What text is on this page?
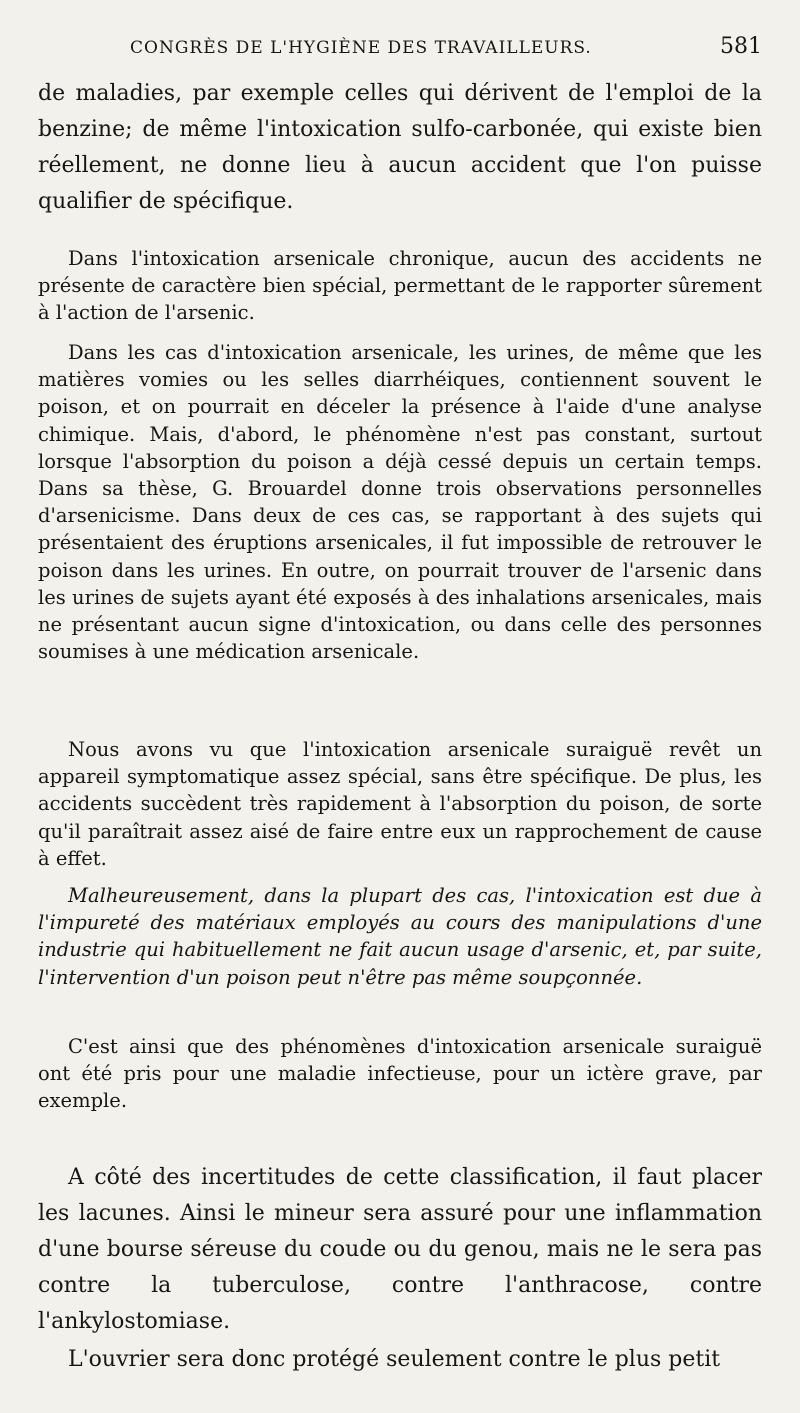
CONGRÈS DE L'HYGIÈNE DES TRAVAILLEURS.	581

de maladies, par exemple celles qui dérivent de l'emploi de la benzine; de même l'intoxication sulfo-carbonée, qui existe bien réellement, ne donne lieu à aucun accident que l'on puisse qualifier de spécifique.

Dans l'intoxication arsenicale chronique, aucun des accidents ne présente de caractère bien spécial, permettant de le rapporter sûrement à l'action de l'arsenic.

Dans les cas d'intoxication arsenicale, les urines, de même que les matières vomies ou les selles diarrhéiques, contiennent souvent le poison, et on pourrait en déceler la présence à l'aide d'une analyse chimique. Mais, d'abord, le phénomène n'est pas constant, surtout lorsque l'absorption du poison a déjà cessé depuis un certain temps. Dans sa thèse, G. Brouardel donne trois observations personnelles d'arsenicisme. Dans deux de ces cas, se rapportant à des sujets qui présentaient des éruptions arsenicales, il fut impossible de retrouver le poison dans les urines. En outre, on pourrait trouver de l'arsenic dans les urines de sujets ayant été exposés à des inhalations arsenicales, mais ne présentant aucun signe d'intoxication, ou dans celle des personnes soumises à une médication arsenicale.

Nous avons vu que l'intoxication arsenicale suraiguë revêt un appareil symptomatique assez spécial, sans être spécifique. De plus, les accidents succèdent très rapidement à l'absorption du poison, de sorte qu'il paraîtrait assez aisé de faire entre eux un rapprochement de cause à effet.

Malheureusement, dans la plupart des cas, l'intoxication est due à l'impureté des matériaux employés au cours des manipulations d'une industrie qui habituellement ne fait aucun usage d'arsenic, et, par suite, l'intervention d'un poison peut n'être pas même soupçonnée.

C'est ainsi que des phénomènes d'intoxication arsenicale suraiguë ont été pris pour une maladie infectieuse, pour un ictère grave, par exemple.

A côté des incertitudes de cette classification, il faut placer les lacunes. Ainsi le mineur sera assuré pour une inflammation d'une bourse séreuse du coude ou du genou, mais ne le sera pas contre la tuberculose, contre l'anthracose, contre l'ankylostomiase.

L'ouvrier sera donc protégé seulement contre le plus petit
